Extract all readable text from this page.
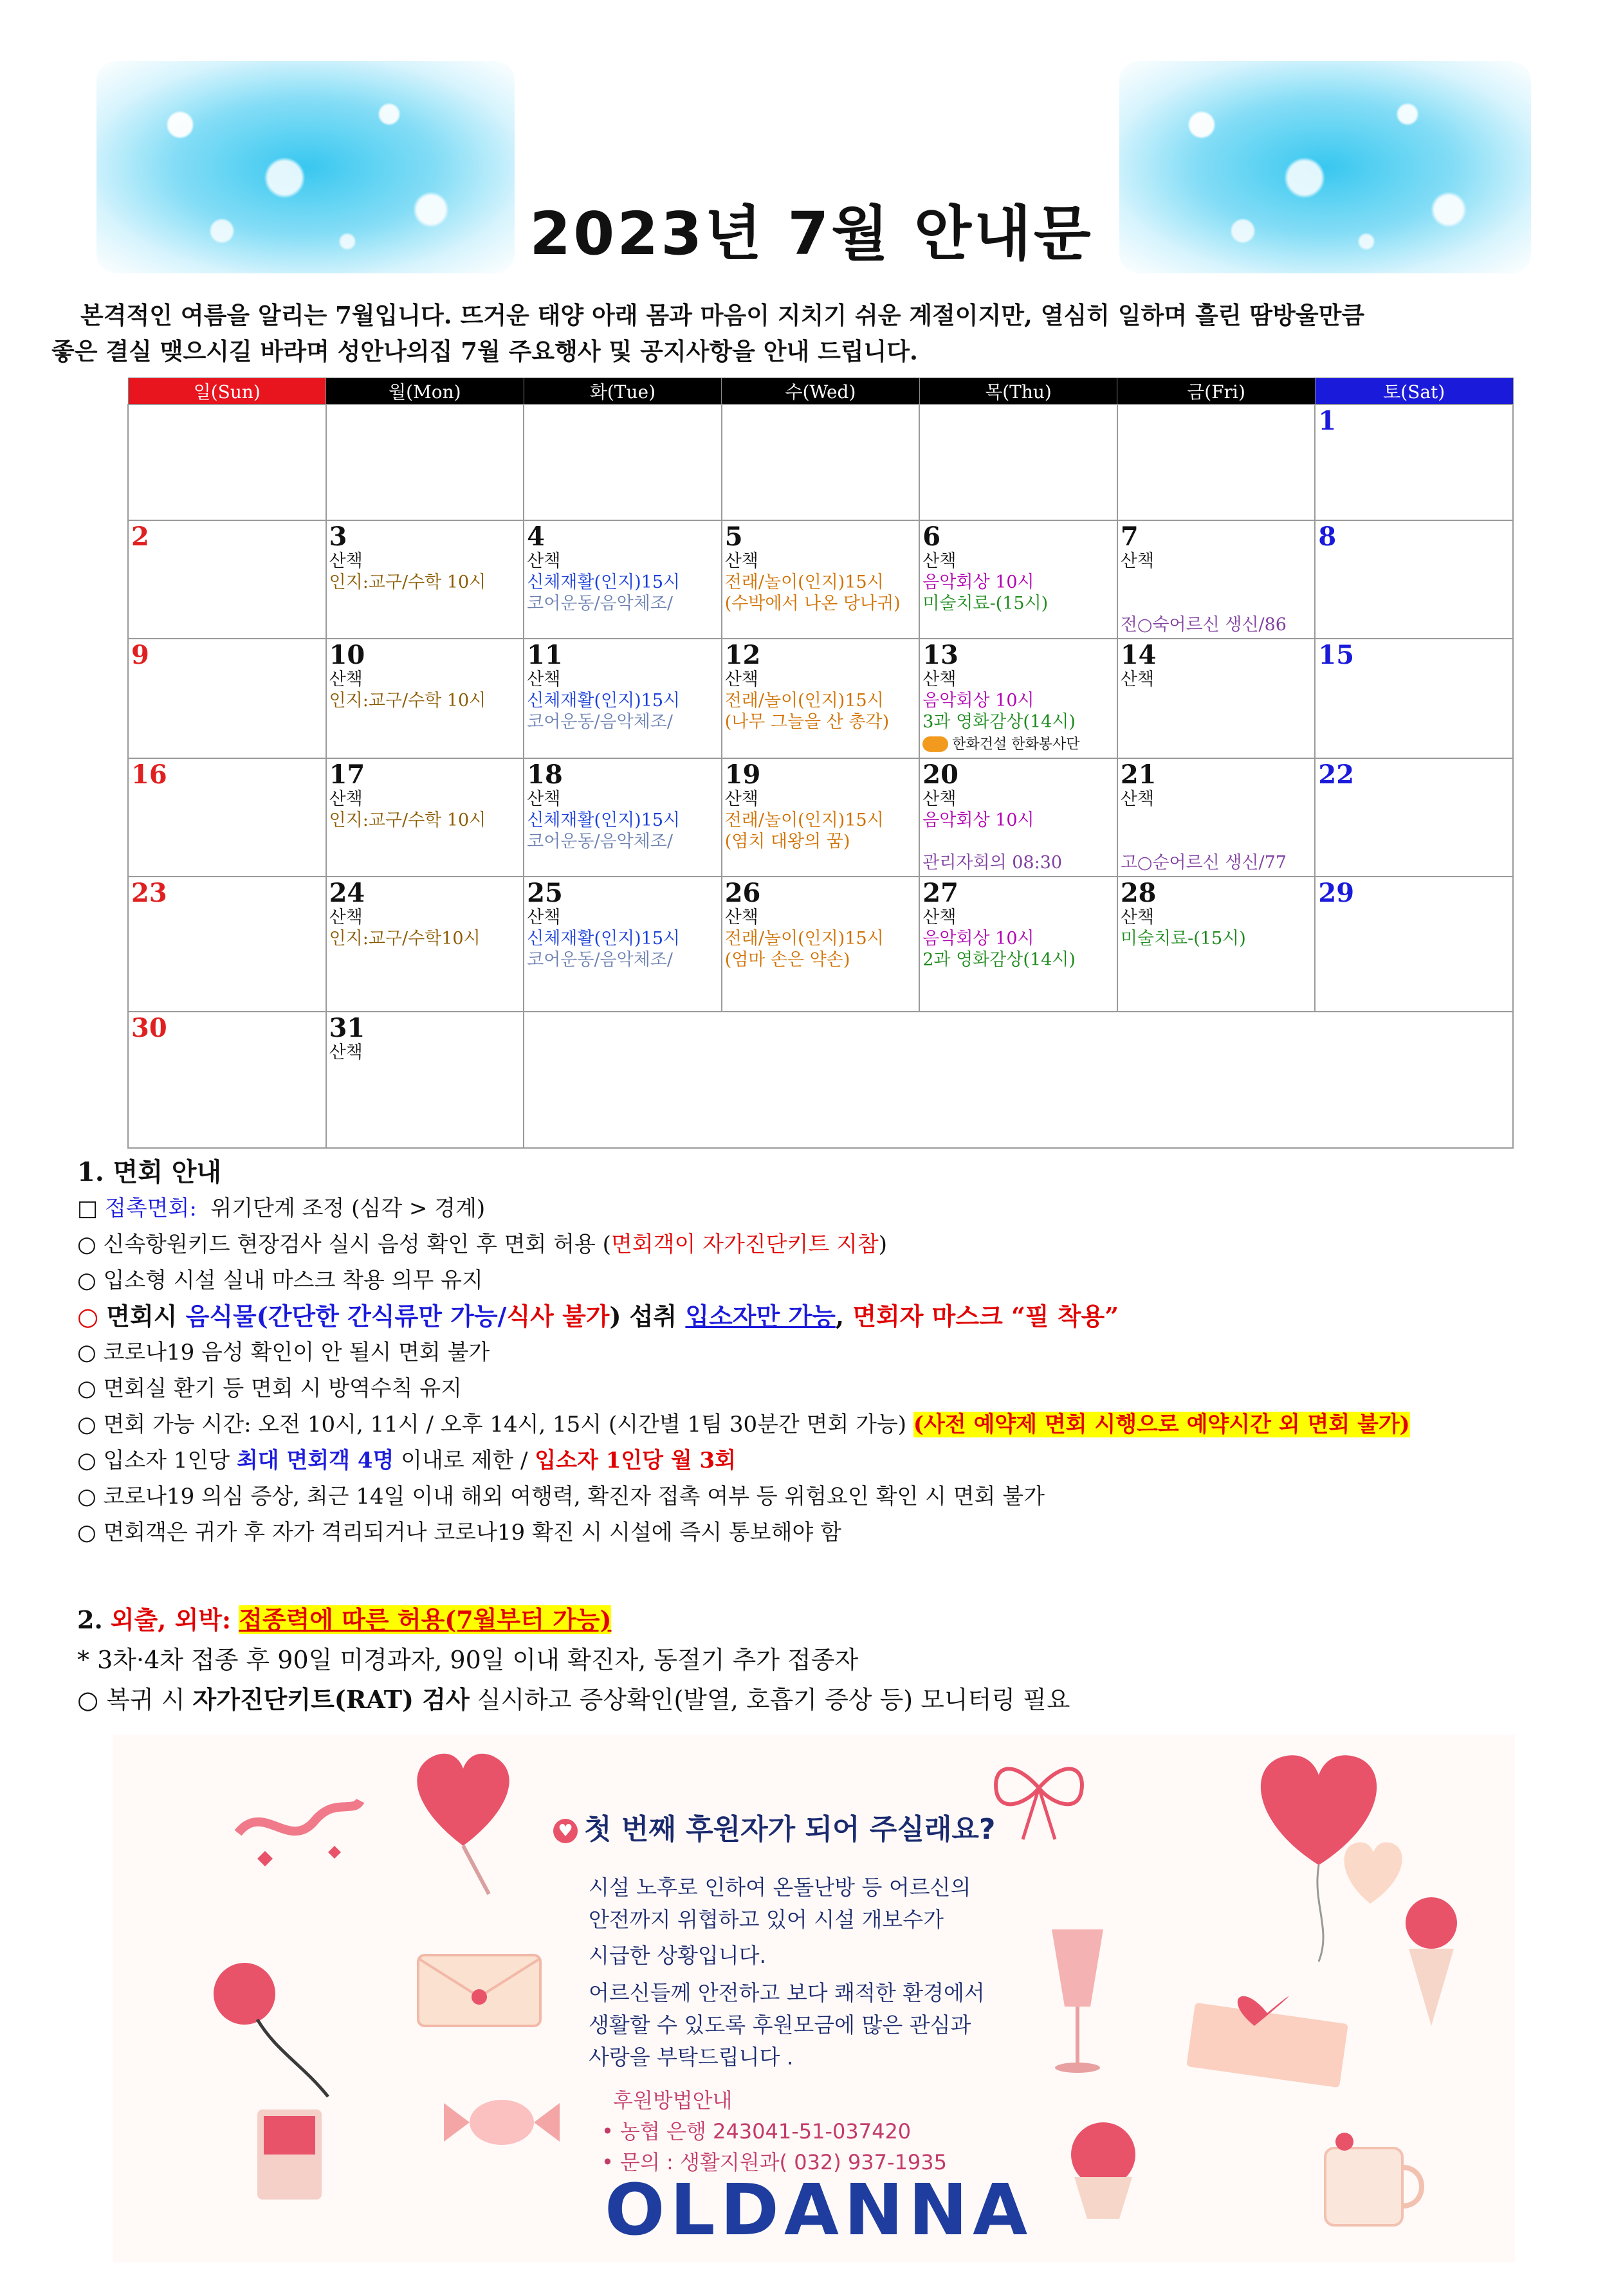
2023년 7월 안내문
본격적인 여름을 알리는 7월입니다. 뜨거운 태양 아래 몸과 마음이 지치기 쉬운 계절이지만, 열심히 일하며 흘린 땀방울만큼
좋은 결실 맺으시길 바라며 성안나의집 7월 주요행사 및 공지사항을 안내 드립니다.
일(Sun)	월(Mon)	화(Tue)	수(Wed)	목(Thu)	금(Fri)	토(Sat)

						1

2	3
산책
인지:교구/수학 10시	4
산책
신체재활(인지)15시
코어운동/음악체조/	5
산책
전래/놀이(인지)15시
(수박에서 나온 당나귀)	6
산책
음악회상 10시
미술치료-(15시)	7
산책

전○숙어르신 생신/86	8

9	10
산책
인지:교구/수학 10시	11
산책
신체재활(인지)15시
코어운동/음악체조/	12
산책
전래/놀이(인지)15시
(나무 그늘을 산 총각)	13
산책
음악회상 10시
3과 영화감상(14시)
한화건설 한화봉사단	14
산책	15

16	17
산책
인지:교구/수학 10시	18
산책
신체재활(인지)15시
코어운동/음악체조/	19
산책
전래/놀이(인지)15시
(염치 대왕의 꿈)	20
산책
음악회상 10시

관리자회의 08:30	21
산책

고○순어르신 생신/77	22

23	24
산책
인지:교구/수학10시	25
산책
신체재활(인지)15시
코어운동/음악체조/	26
산책
전래/놀이(인지)15시
(엄마 손은 약손)	27
산책
음악회상 10시
2과 영화감상(14시)	28
산책
미술치료-(15시)	29

30	31
산책					

1. 면회 안내
□ 접촉면회: 위기단계 조정 (심각 > 경계)
○ 신속항원키드 현장검사 실시 음성 확인 후 면회 허용 (면회객이 자가진단키트 지참)
○ 입소형 시설 실내 마스크 착용 의무 유지
○ 면회시 음식물(간단한 간식류만 가능/식사 불가) 섭취 입소자만 가능, 면회자 마스크 “필 착용”
○ 코로나19 음성 확인이 안 될시 면회 불가
○ 면회실 환기 등 면회 시 방역수칙 유지
○ 면회 가능 시간: 오전 10시, 11시 / 오후 14시, 15시 (시간별 1팀 30분간 면회 가능) (사전 예약제 면회 시행으로 예약시간 외 면회 불가)
○ 입소자 1인당 최대 면회객 4명 이내로 제한 / 입소자 1인당 월 3회
○ 코로나19 의심 증상, 최근 14일 이내 해외 여행력, 확진자 접촉 여부 등 위험요인 확인 시 면회 불가
○ 면회객은 귀가 후 자가 격리되거나 코로나19 확진 시 시설에 즉시 통보해야 함
2. 외출, 외박: 접종력에 따른 허용(7월부터 가능)
* 3차·4차 접종 후 90일 미경과자, 90일 이내 확진자, 동절기 추가 접종자
○ 복귀 시 자가진단키트(RAT) 검사 실시하고 증상확인(발열, 호흡기 증상 등) 모니터링 필요
♥ 첫 번째 후원자가 되어 주실래요?
시설 노후로 인하여 온돌난방 등 어르신의
안전까지 위협하고 있어 시설 개보수가
시급한 상황입니다.
어르신들께 안전하고 보다 쾌적한 환경에서
생활할 수 있도록 후원모금에 많은 관심과
사랑을 부탁드립니다 .
후원방법안내
• 농협 은행 243041-51-037420
• 문의 : 생활지원과( 032) 937-1935
OLDANNA
